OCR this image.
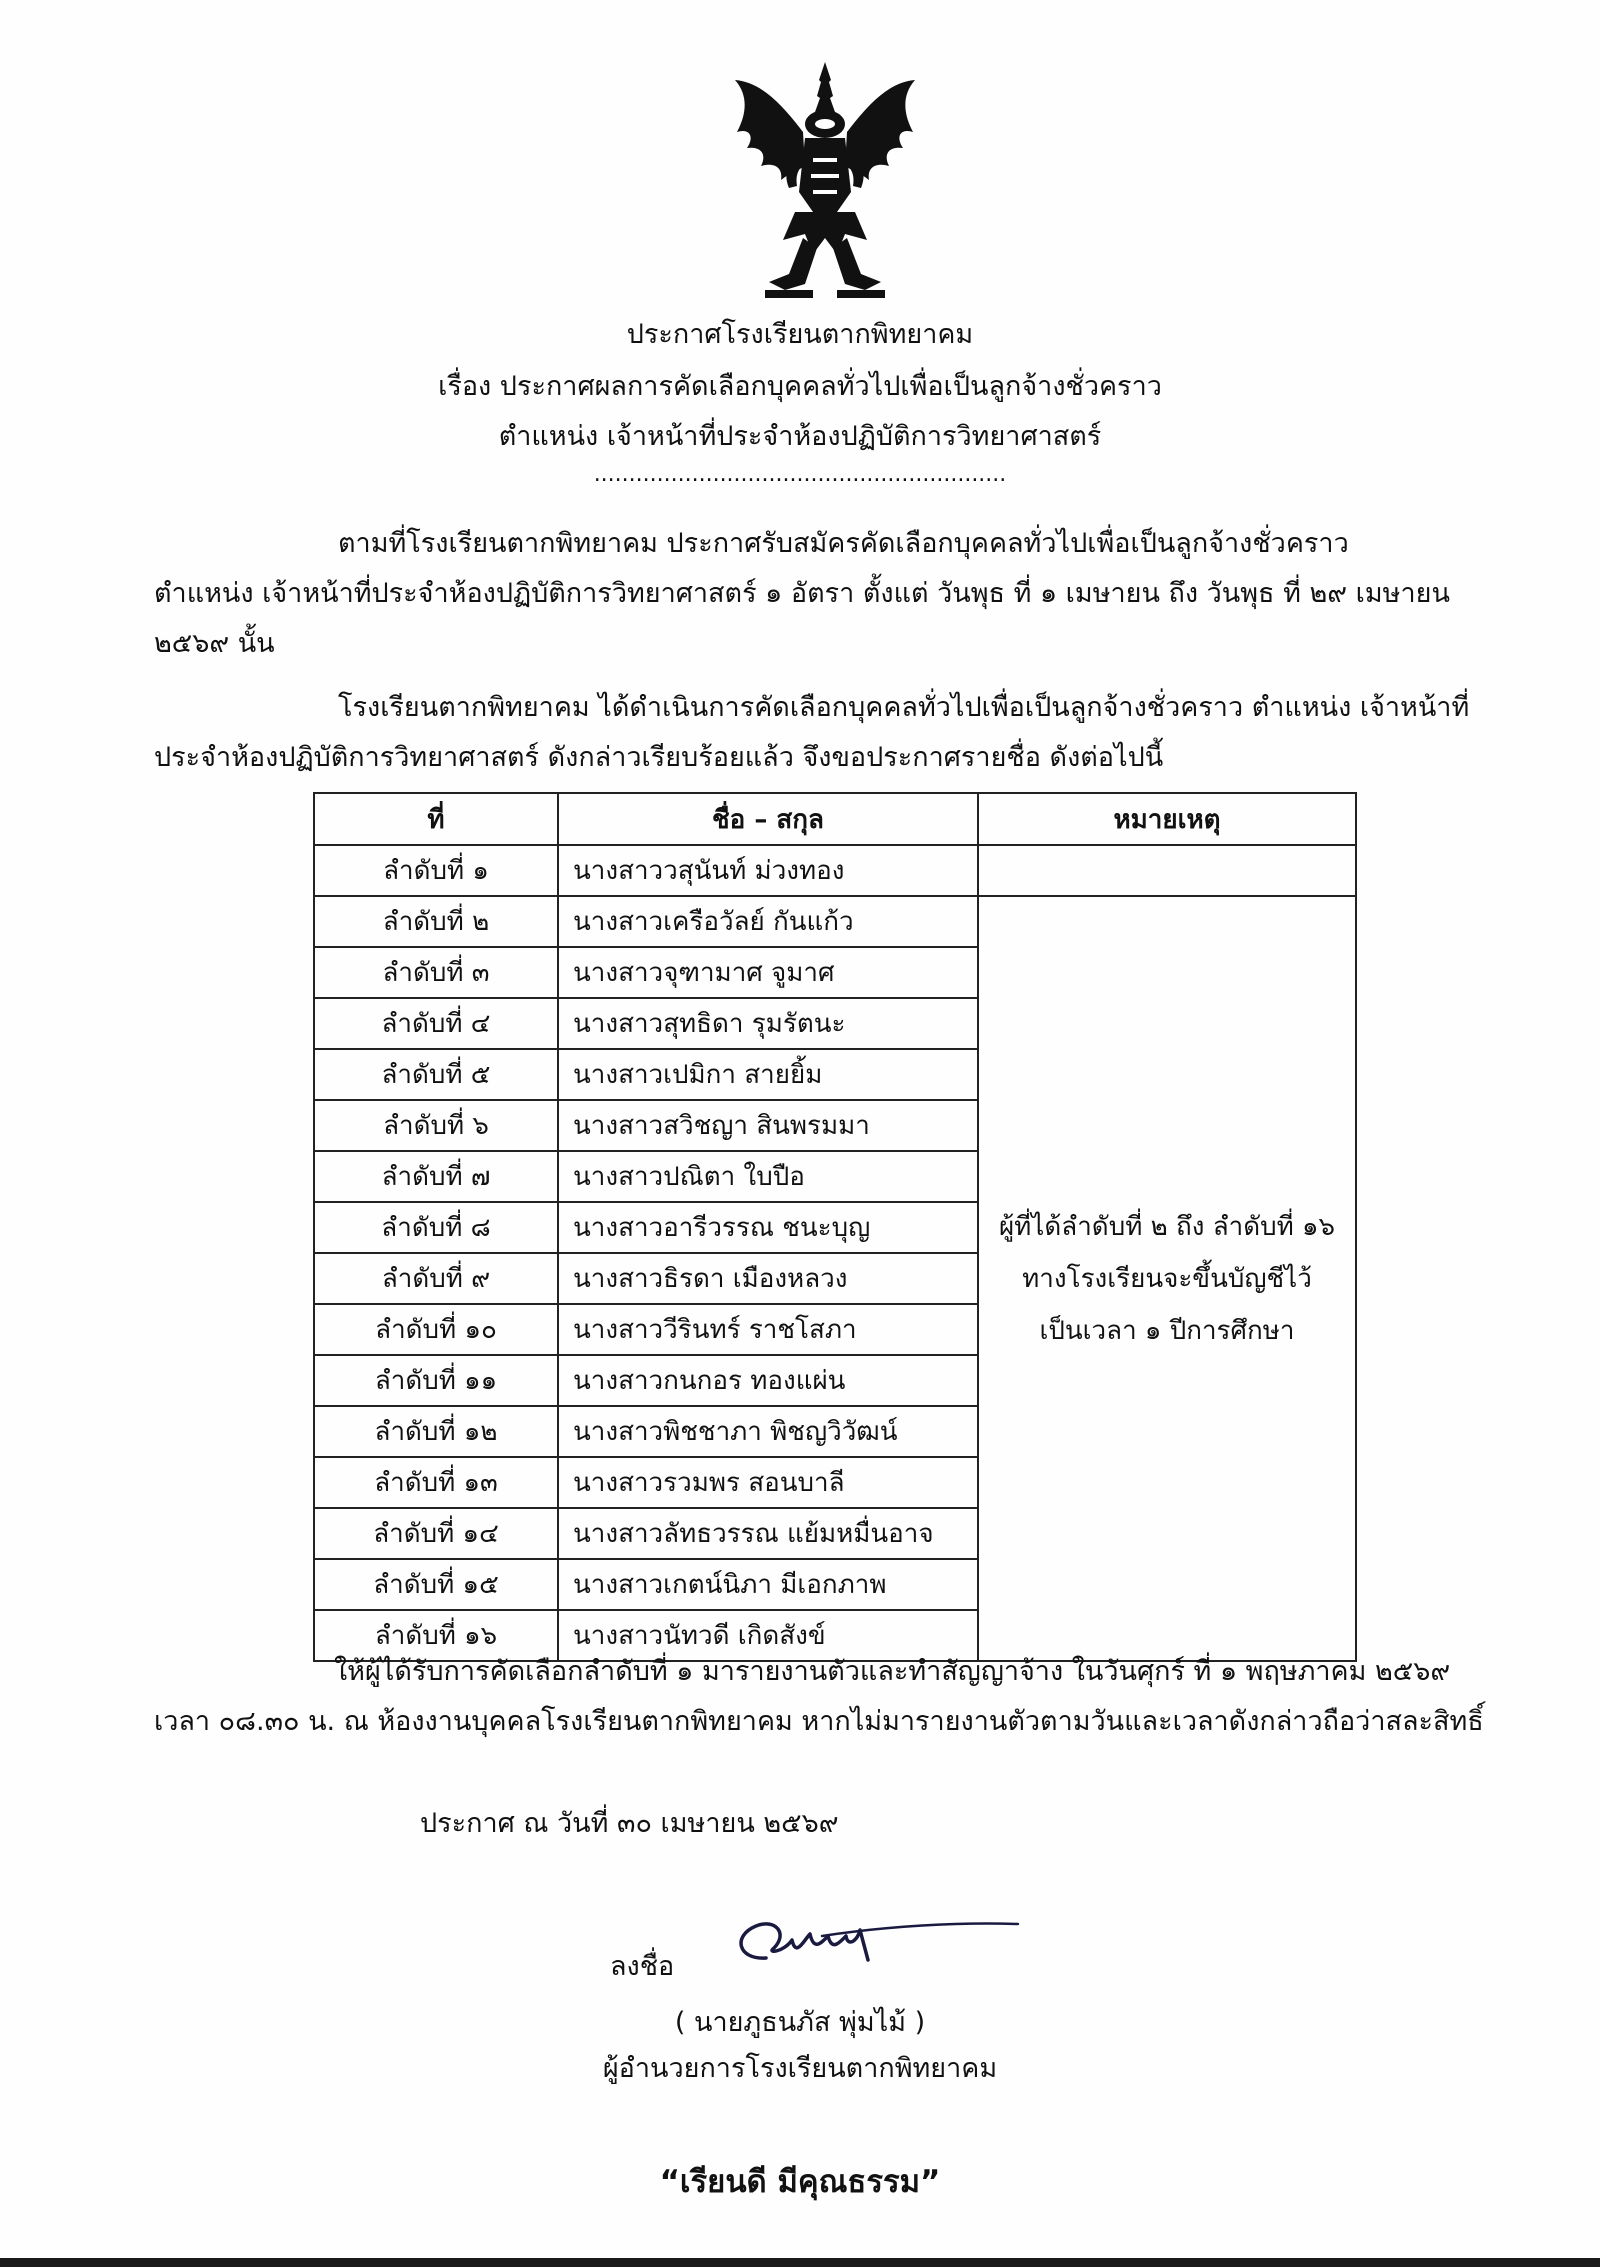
ประกาศโรงเรียนตากพิทยาคม
เรื่อง ประกาศผลการคัดเลือกบุคคลทั่วไปเพื่อเป็นลูกจ้างชั่วคราว
ตำแหน่ง เจ้าหน้าที่ประจำห้องปฏิบัติการวิทยาศาสตร์
...........................................................
ตามที่โรงเรียนตากพิทยาคม ประกาศรับสมัครคัดเลือกบุคคลทั่วไปเพื่อเป็นลูกจ้างชั่วคราว
ตำแหน่ง เจ้าหน้าที่ประจำห้องปฏิบัติการวิทยาศาสตร์ ๑ อัตรา ตั้งแต่ วันพุธ ที่ ๑ เมษายน ถึง วันพุธ ที่ ๒๙ เมษายน
๒๕๖๙ นั้น
โรงเรียนตากพิทยาคม ได้ดำเนินการคัดเลือกบุคคลทั่วไปเพื่อเป็นลูกจ้างชั่วคราว ตำแหน่ง เจ้าหน้าที่
ประจำห้องปฏิบัติการวิทยาศาสตร์ ดังกล่าวเรียบร้อยแล้ว จึงขอประกาศรายชื่อ ดังต่อไปนี้
ที่	ชื่อ – สกุล	หมายเหตุ
ลำดับที่ ๑	นางสาววสุนันท์ ม่วงทอง	
ลำดับที่ ๒	นางสาวเครือวัลย์ กันแก้ว	ผู้ที่ได้ลำดับที่ ๒ ถึง ลำดับที่ ๑๖
ทางโรงเรียนจะขึ้นบัญชีไว้
เป็นเวลา ๑ ปีการศึกษา

ลำดับที่ ๓	นางสาวจุฑามาศ จูมาศ	
ลำดับที่ ๔	นางสาวสุทธิดา รุมรัตนะ	
ลำดับที่ ๕	นางสาวเปมิกา สายยิ้ม	
ลำดับที่ ๖	นางสาวสวิชญา สินพรมมา	
ลำดับที่ ๗	นางสาวปณิตา ใบปือ	
ลำดับที่ ๘	นางสาวอารีวรรณ ชนะบุญ	
ลำดับที่ ๙	นางสาวธิรดา เมืองหลวง	
ลำดับที่ ๑๐	นางสาววีรินทร์ ราชโสภา	
ลำดับที่ ๑๑	นางสาวกนกอร ทองแผ่น	
ลำดับที่ ๑๒	นางสาวพิชชาภา พิชญวิวัฒน์	
ลำดับที่ ๑๓	นางสาวรวมพร สอนบาลี	
ลำดับที่ ๑๔	นางสาวลัทธวรรณ แย้มหมื่นอาจ	
ลำดับที่ ๑๕	นางสาวเกตน์นิภา มีเอกภาพ	
ลำดับที่ ๑๖	นางสาวนัทวดี เกิดสังข์	
ให้ผู้ได้รับการคัดเลือกลำดับที่ ๑ มารายงานตัวและทำสัญญาจ้าง ในวันศุกร์ ที่ ๑ พฤษภาคม ๒๕๖๙
เวลา ๐๘.๓๐ น. ณ ห้องงานบุคคลโรงเรียนตากพิทยาคม หากไม่มารายงานตัวตามวันและเวลาดังกล่าวถือว่าสละสิทธิ์
ประกาศ ณ วันที่ ๓๐ เมษายน ๒๕๖๙
ลงชื่อ
( นายภูธนภัส พุ่มไม้ )
ผู้อำนวยการโรงเรียนตากพิทยาคม
“เรียนดี มีคุณธรรม”
